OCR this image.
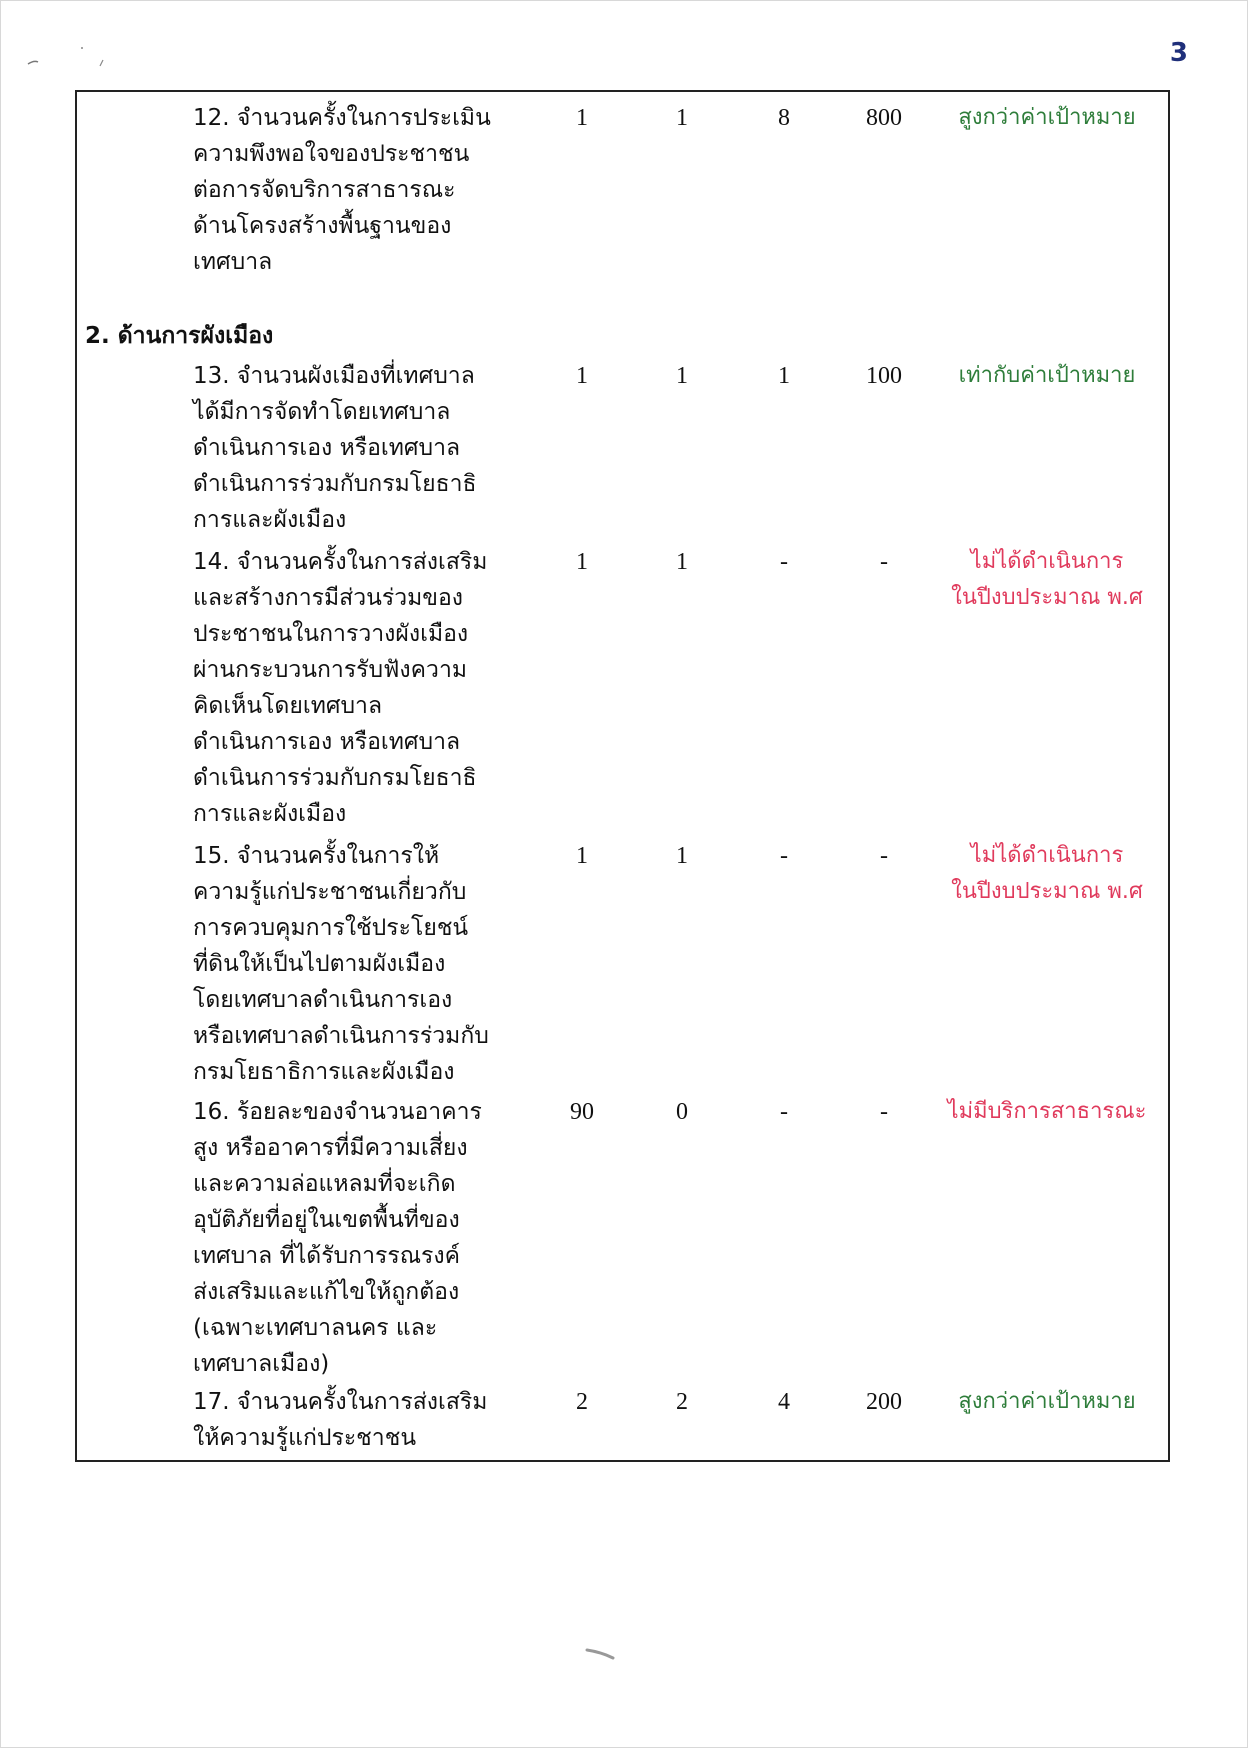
3
12. จำนวนครั้งในการประเมิน
ความพึงพอใจของประชาชน
ต่อการจัดบริการสาธารณะ
ด้านโครงสร้างพื้นฐานของ
เทศบาล
1	1	8	800	สูงกว่าค่าเป้าหมาย
2. ด้านการผังเมือง
13. จำนวนผังเมืองที่เทศบาล
ได้มีการจัดทำโดยเทศบาล
ดำเนินการเอง หรือเทศบาล
ดำเนินการร่วมกับกรมโยธาธิ
การและผังเมือง
1	1	1	100	เท่ากับค่าเป้าหมาย
14. จำนวนครั้งในการส่งเสริม
และสร้างการมีส่วนร่วมของ
ประชาชนในการวางผังเมือง
ผ่านกระบวนการรับฟังความ
คิดเห็นโดยเทศบาล
ดำเนินการเอง หรือเทศบาล
ดำเนินการร่วมกับกรมโยธาธิ
การและผังเมือง
1	1	-	-	ไม่ได้ดำเนินการ
ในปีงบประมาณ พ.ศ
15. จำนวนครั้งในการให้
ความรู้แก่ประชาชนเกี่ยวกับ
การควบคุมการใช้ประโยชน์
ที่ดินให้เป็นไปตามผังเมือง
โดยเทศบาลดำเนินการเอง
หรือเทศบาลดำเนินการร่วมกับ
กรมโยธาธิการและผังเมือง
1	1	-	-	ไม่ได้ดำเนินการ
ในปีงบประมาณ พ.ศ
16. ร้อยละของจำนวนอาคาร
สูง หรืออาคารที่มีความเสี่ยง
และความล่อแหลมที่จะเกิด
อุบัติภัยที่อยู่ในเขตพื้นที่ของ
เทศบาล ที่ได้รับการรณรงค์
ส่งเสริมและแก้ไขให้ถูกต้อง
(เฉพาะเทศบาลนคร และ
เทศบาลเมือง)
90	0	-	-	ไม่มีบริการสาธารณะ
17. จำนวนครั้งในการส่งเสริม
ให้ความรู้แก่ประชาชน
2	2	4	200	สูงกว่าค่าเป้าหมาย
